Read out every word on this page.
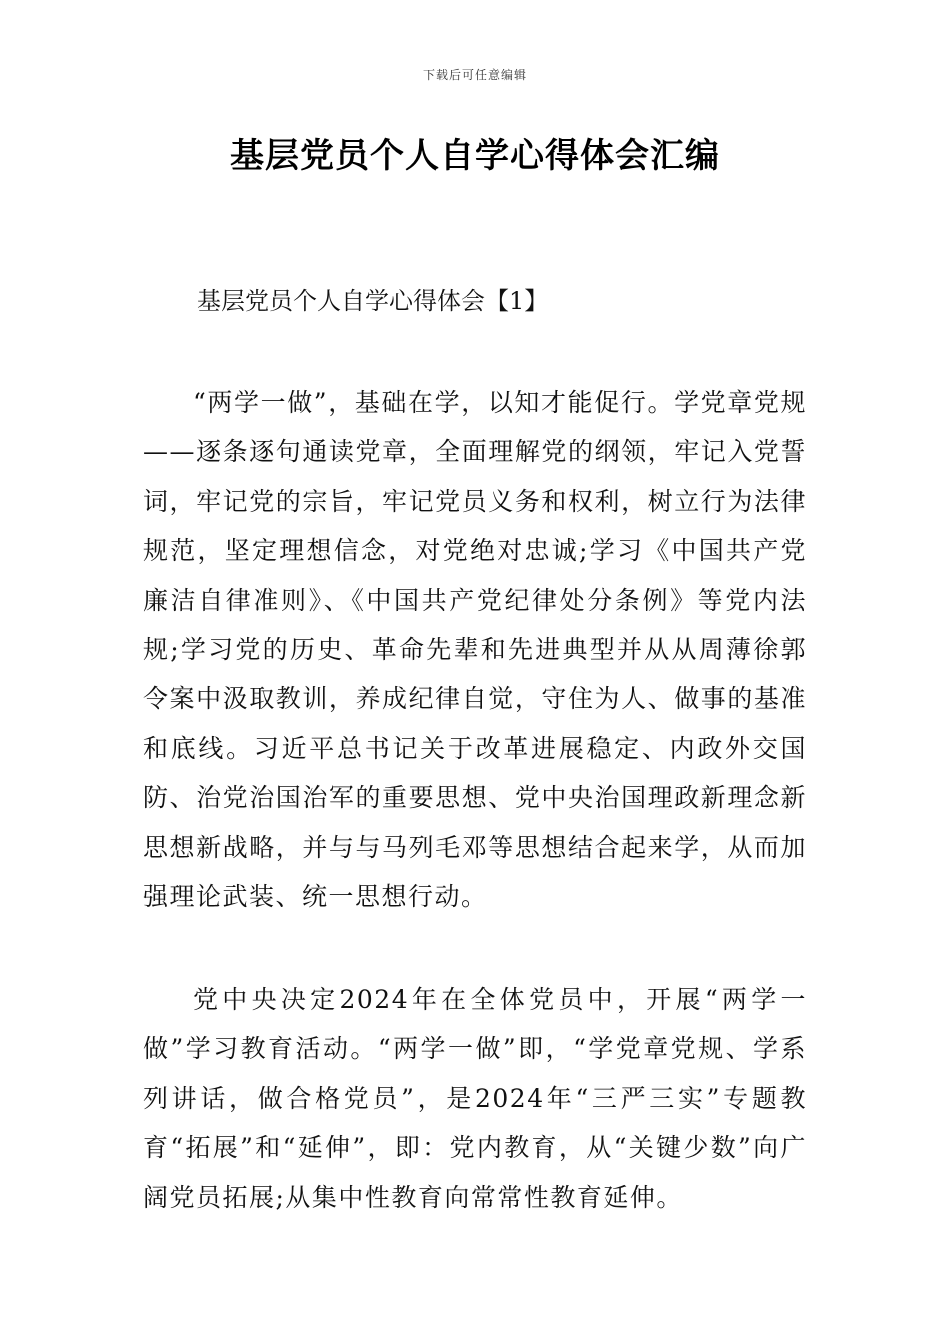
下载后可任意编辑
基层党员个人自学心得体会汇编
基层党员个人自学心得体会【1】
“两学一做”，基础在学，以知才能促行。学党章党规——逐条逐句通读党章，全面理解党的纲领，牢记入党誓词，牢记党的宗旨，牢记党员义务和权利，树立行为法律规范，坚定理想信念，对党绝对忠诚;学习《中国共产党廉洁自律准则》、《中国共产党纪律处分条例》等党内法规;学习党的历史、革命先辈和先进典型并从从周薄徐郭令案中汲取教训，养成纪律自觉，守住为人、做事的基准和底线。习近平总书记关于改革进展稳定、内政外交国防、治党治国治军的重要思想、党中央治国理政新理念新思想新战略，并与与马列毛邓等思想结合起来学，从而加强理论武装、统一思想行动。
党中央决定2024年在全体党员中，开展“两学一做”学习教育活动。“两学一做”即，“学党章党规、学系列讲话，做合格党员”，是2024年“三严三实”专题教育“拓展”和“延伸”，即：党内教育，从“关键少数”向广阔党员拓展;从集中性教育向常常性教育延伸。
